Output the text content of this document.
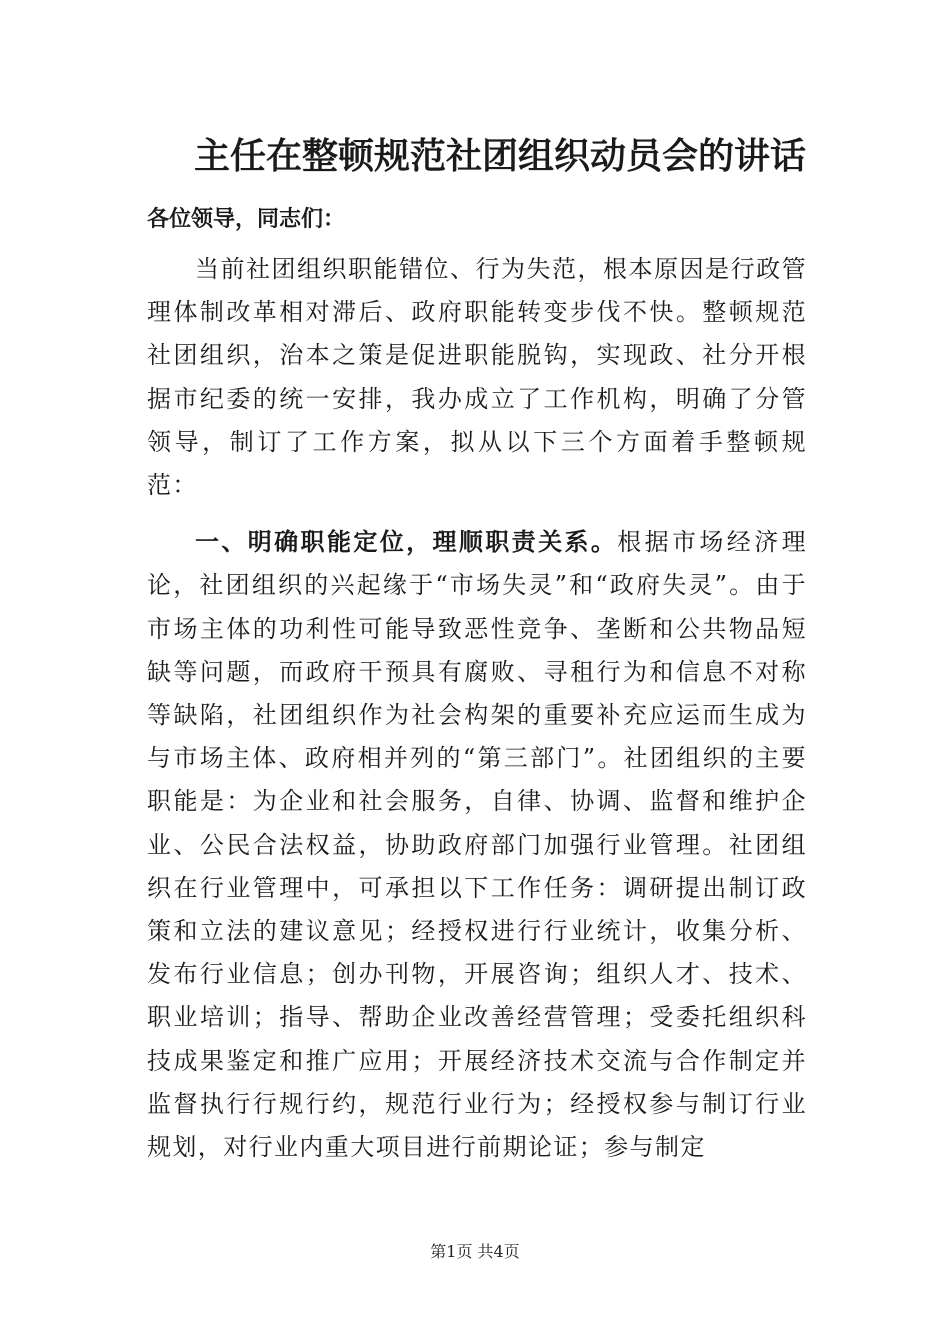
主任在整顿规范社团组织动员会的讲话
各位领导，同志们：

当前社团组织职能错位、行为失范，根本原因是行政管理体制改革相对滞后、政府职能转变步伐不快。整顿规范社团组织，治本之策是促进职能脱钩，实现政、社分开根据市纪委的统一安排，我办成立了工作机构，明确了分管领导，制订了工作方案，拟从以下三个方面着手整顿规范：

一、明确职能定位，理顺职责关系。根据市场经济理论，社团组织的兴起缘于“市场失灵”和“政府失灵”。由于市场主体的功利性可能导致恶性竞争、垄断和公共物品短缺等问题，而政府干预具有腐败、寻租行为和信息不对称等缺陷，社团组织作为社会构架的重要补充应运而生成为与市场主体、政府相并列的“第三部门”。社团组织的主要职能是：为企业和社会服务，自律、协调、监督和维护企业、公民合法权益，协助政府部门加强行业管理。社团组织在行业管理中，可承担以下工作任务：调研提出制订政策和立法的建议意见；经授权进行行业统计，收集分析、发布行业信息；创办刊物，开展咨询；组织人才、技术、职业培训；指导、帮助企业改善经营管理；受委托组织科技成果鉴定和推广应用；开展经济技术交流与合作制定并监督执行行规行约，规范行业行为；经授权参与制订行业规划，对行业内重大项目进行前期论证；参与制定

第1页 共4页
